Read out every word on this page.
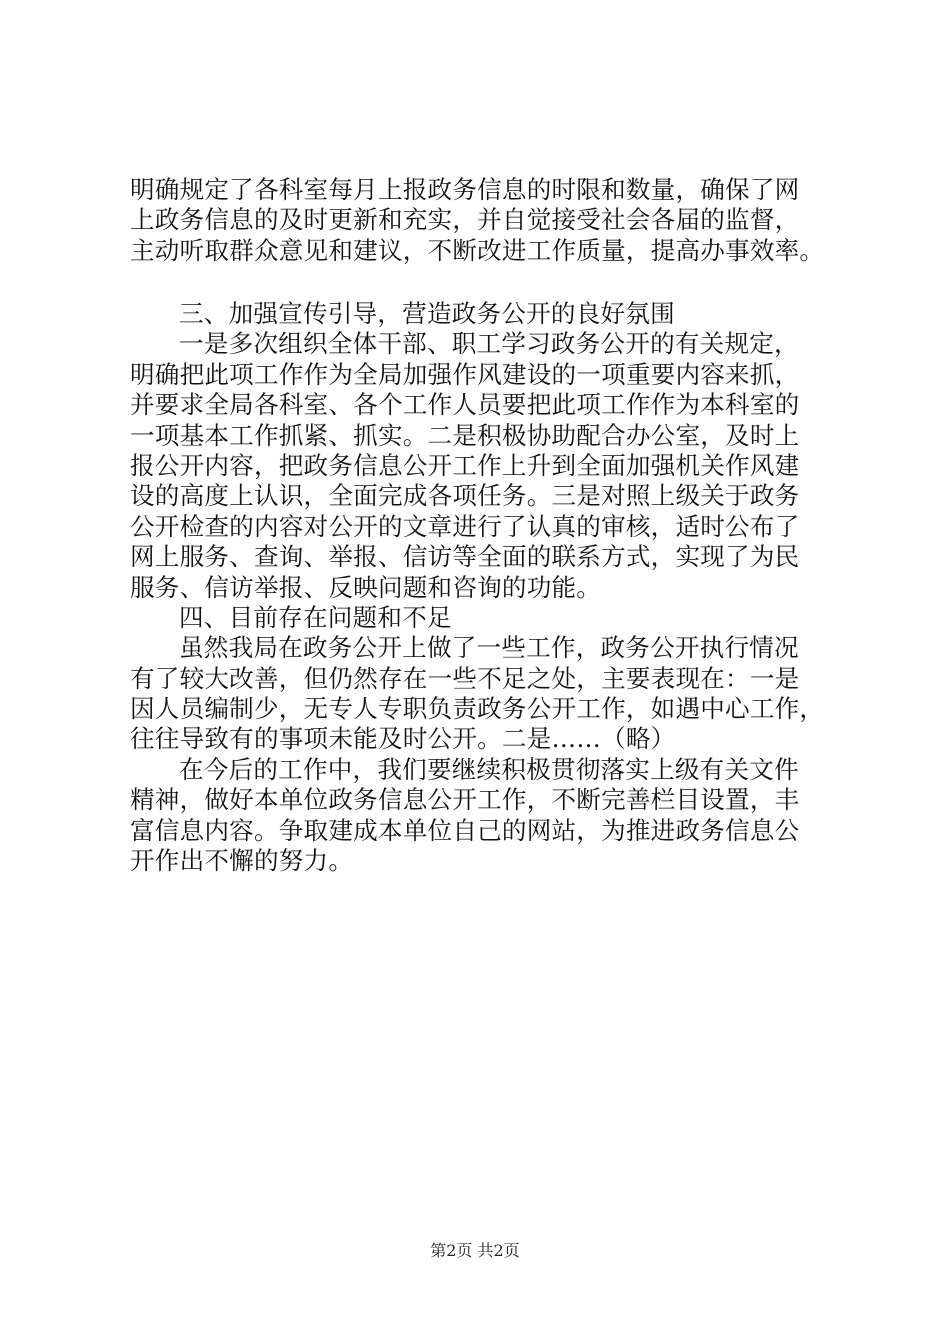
明确规定了各科室每月上报政务信息的时限和数量，确保了网
上政务信息的及时更新和充实，并自觉接受社会各届的监督，
主动听取群众意见和建议，不断改进工作质量，提高办事效率。
三、加强宣传引导，营造政务公开的良好氛围
一是多次组织全体干部、职工学习政务公开的有关规定，
明确把此项工作作为全局加强作风建设的一项重要内容来抓，
并要求全局各科室、各个工作人员要把此项工作作为本科室的
一项基本工作抓紧、抓实。二是积极协助配合办公室，及时上
报公开内容，把政务信息公开工作上升到全面加强机关作风建
设的高度上认识，全面完成各项任务。三是对照上级关于政务
公开检查的内容对公开的文章进行了认真的审核，适时公布了
网上服务、查询、举报、信访等全面的联系方式，实现了为民
服务、信访举报、反映问题和咨询的功能。
四、目前存在问题和不足
虽然我局在政务公开上做了一些工作，政务公开执行情况
有了较大改善，但仍然存在一些不足之处，主要表现在：一是
因人员编制少，无专人专职负责政务公开工作，如遇中心工作，
往往导致有的事项未能及时公开。二是……（略）
在今后的工作中，我们要继续积极贯彻落实上级有关文件
精神，做好本单位政务信息公开工作，不断完善栏目设置，丰
富信息内容。争取建成本单位自己的网站，为推进政务信息公
开作出不懈的努力。
第2页 共2页
